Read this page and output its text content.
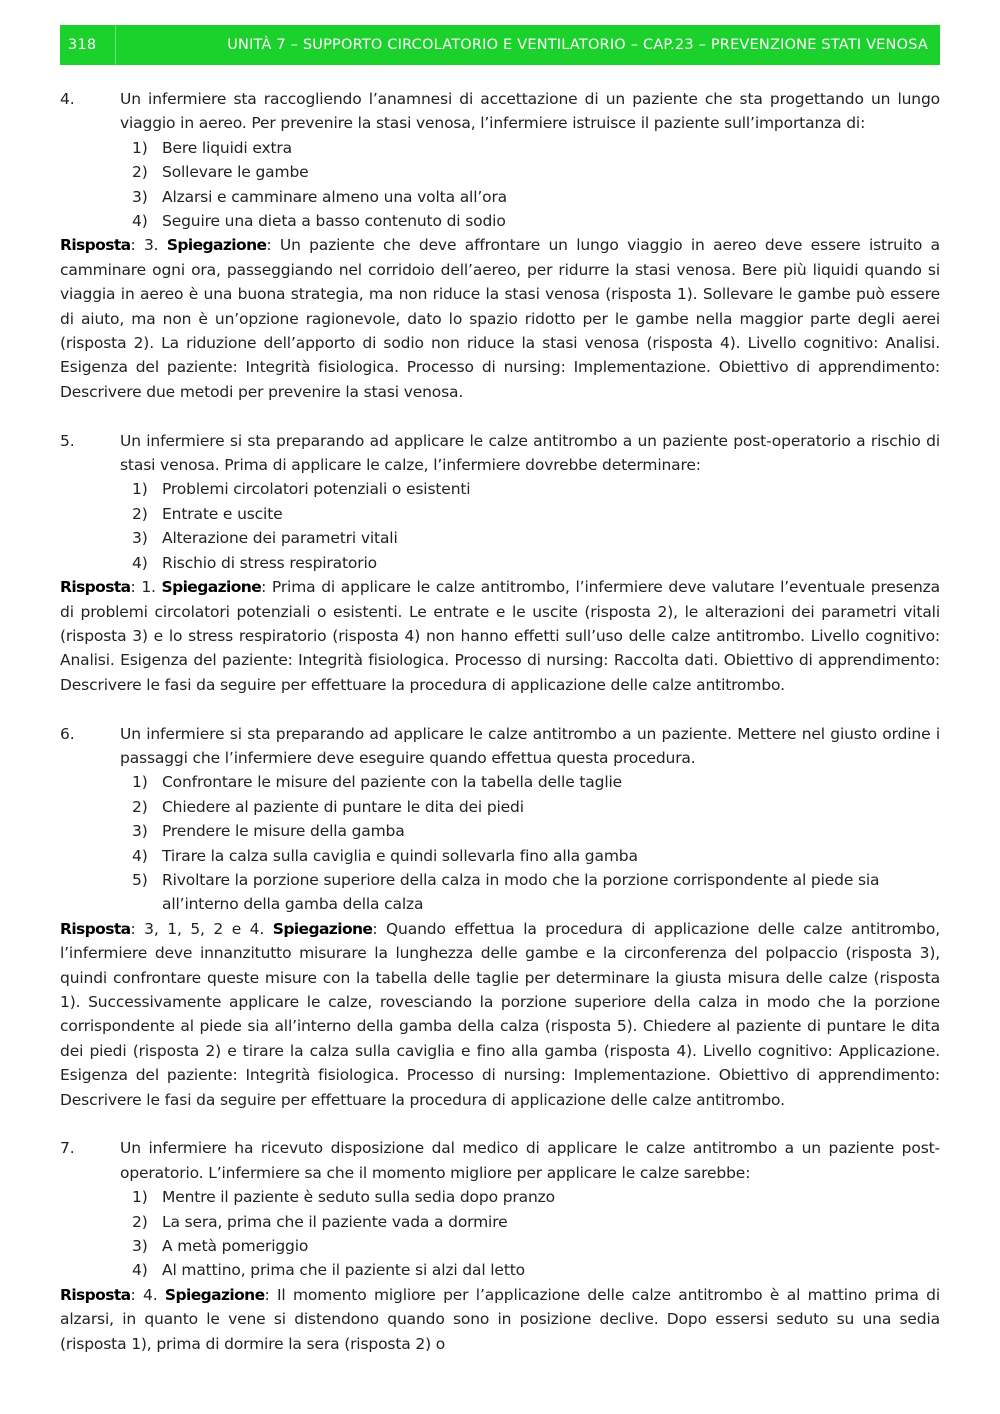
318	UNITÀ 7 – SUPPORTO CIRCOLATORIO E VENTILATORIO – CAP.23 – PREVENZIONE STATI VENOSA
4.	Un infermiere sta raccogliendo l’anamnesi di accettazione di un paziente che sta progettando un lungo viaggio in aereo. Per prevenire la stasi venosa, l’infermiere istruisce il paziente sull’importanza di:
1) Bere liquidi extra
2) Sollevare le gambe
3) Alzarsi e camminare almeno una volta all’ora
4) Seguire una dieta a basso contenuto di sodio

Risposta: 3. Spiegazione: Un paziente che deve affrontare un lungo viaggio in aereo deve essere istruito a camminare ogni ora, passeggiando nel corridoio dell’aereo, per ridurre la stasi venosa. Bere più liquidi quando si viaggia in aereo è una buona strategia, ma non riduce la stasi venosa (risposta 1). Sollevare le gambe può essere di aiuto, ma non è un’opzione ragionevole, dato lo spazio ridotto per le gambe nella maggior parte degli aerei (risposta 2). La riduzione dell’apporto di sodio non riduce la stasi venosa (risposta 4). Livello cognitivo: Analisi. Esigenza del paziente: Integrità fisiologica. Processo di nursing: Implementazione. Obiettivo di apprendimento: Descrivere due metodi per prevenire la stasi venosa.

5.	Un infermiere si sta preparando ad applicare le calze antitrombo a un paziente post-operatorio a rischio di stasi venosa. Prima di applicare le calze, l’infermiere dovrebbe determinare:
1) Problemi circolatori potenziali o esistenti
2) Entrate e uscite
3) Alterazione dei parametri vitali
4) Rischio di stress respiratorio

Risposta: 1. Spiegazione: Prima di applicare le calze antitrombo, l’infermiere deve valutare l’eventuale presenza di problemi circolatori potenziali o esistenti. Le entrate e le uscite (risposta 2), le alterazioni dei parametri vitali (risposta 3) e lo stress respiratorio (risposta 4) non hanno effetti sull’uso delle calze antitrombo. Livello cognitivo: Analisi. Esigenza del paziente: Integrità fisiologica. Processo di nursing: Raccolta dati. Obiettivo di apprendimento: Descrivere le fasi da seguire per effettuare la procedura di applicazione delle calze antitrombo.

6.	Un infermiere si sta preparando ad applicare le calze antitrombo a un paziente. Mettere nel giusto ordine i passaggi che l’infermiere deve eseguire quando effettua questa procedura.
1) Confrontare le misure del paziente con la tabella delle taglie
2) Chiedere al paziente di puntare le dita dei piedi
3) Prendere le misure della gamba
4) Tirare la calza sulla caviglia e quindi sollevarla fino alla gamba
5) Rivoltare la porzione superiore della calza in modo che la porzione corrispondente al piede sia all’interno della gamba della calza

Risposta: 3, 1, 5, 2 e 4. Spiegazione: Quando effettua la procedura di applicazione delle calze antitrombo, l’infermiere deve innanzitutto misurare la lunghezza delle gambe e la circonferenza del polpaccio (risposta 3), quindi confrontare queste misure con la tabella delle taglie per determinare la giusta misura delle calze (risposta 1). Successivamente applicare le calze, rovesciando la porzione superiore della calza in modo che la porzione corrispondente al piede sia all’interno della gamba della calza (risposta 5). Chiedere al paziente di puntare le dita dei piedi (risposta 2) e tirare la calza sulla caviglia e fino alla gamba (risposta 4). Livello cognitivo: Applicazione. Esigenza del paziente: Integrità fisiologica. Processo di nursing: Implementazione. Obiettivo di apprendimento: Descrivere le fasi da seguire per effettuare la procedura di applicazione delle calze antitrombo.

7.	Un infermiere ha ricevuto disposizione dal medico di applicare le calze antitrombo a un paziente post-operatorio. L’infermiere sa che il momento migliore per applicare le calze sarebbe:
1) Mentre il paziente è seduto sulla sedia dopo pranzo
2) La sera, prima che il paziente vada a dormire
3) A metà pomeriggio
4) Al mattino, prima che il paziente si alzi dal letto

Risposta: 4. Spiegazione: Il momento migliore per l’applicazione delle calze antitrombo è al mattino prima di alzarsi, in quanto le vene si distendono quando sono in posizione declive. Dopo essersi seduto su una sedia (risposta 1), prima di dormire la sera (risposta 2) o
